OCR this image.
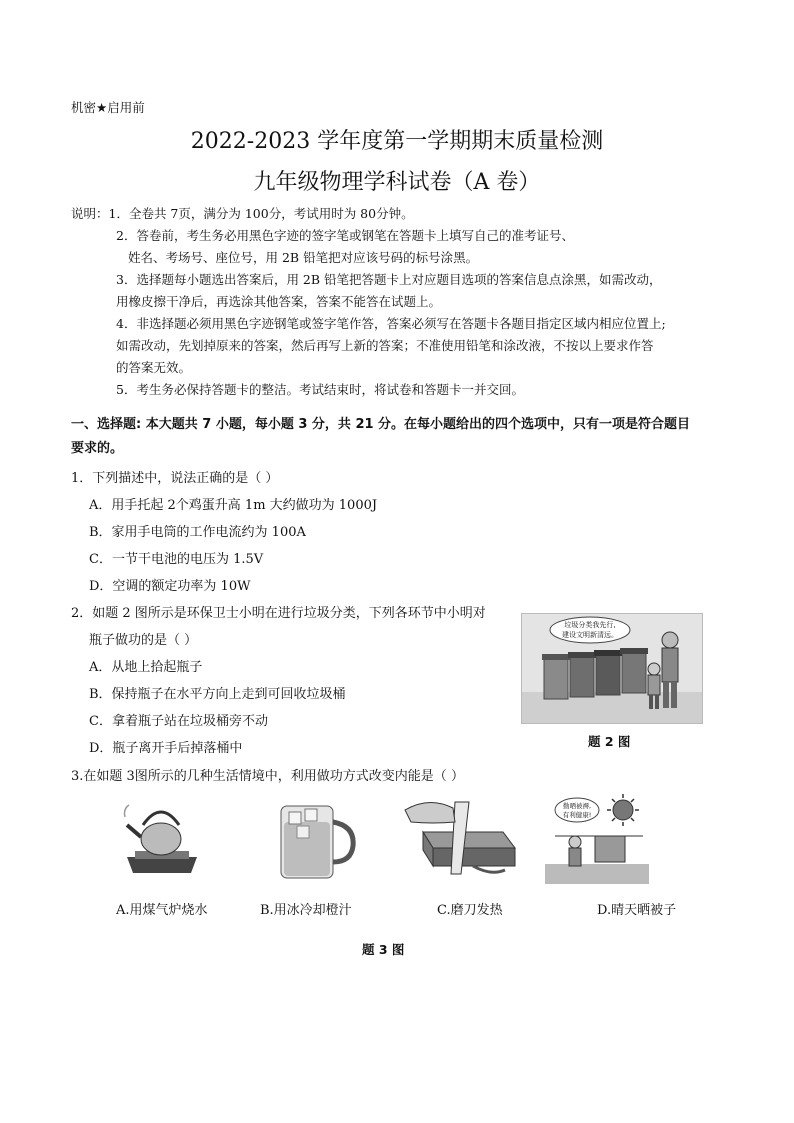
机密★启用前
2022-2023 学年度第一学期期末质量检测
九年级物理学科试卷（A 卷）
说明：1．全卷共 7页，满分为 100分，考试用时为 80分钟。
2．答卷前，考生务必用黑色字迹的签字笔或钢笔在答题卡上填写自己的准考证号、
姓名、考场号、座位号，用 2B 铅笔把对应该号码的标号涂黑。
3．选择题每小题选出答案后，用 2B 铅笔把答题卡上对应题目选项的答案信息点涂黑，如需改动，
用橡皮擦干净后，再选涂其他答案，答案不能答在试题上。
4．非选择题必须用黑色字迹钢笔或签字笔作答，答案必须写在答题卡各题目指定区域内相应位置上;
如需改动，先划掉原来的答案，然后再写上新的答案；不准使用铅笔和涂改液，不按以上要求作答
的答案无效。
5．考生务必保持答题卡的整洁。考试结束时，将试卷和答题卡一并交回。
一、选择题: 本大题共 7 小题，每小题 3 分，共 21 分。在每小题给出的四个选项中，只有一项是符合题目
要求的。
1．下列描述中，说法正确的是（ ）
A．用手托起 2个鸡蛋升高 1m 大约做功为 1000J
B．家用手电筒的工作电流约为 100A
C．一节干电池的电压为 1.5V
D．空调的额定功率为 10W
2．如题 2 图所示是环保卫士小明在进行垃圾分类，下列各环节中小明对
瓶子做功的是（ ）
A．从地上拾起瓶子
B．保持瓶子在水平方向上走到可回收垃圾桶
C．拿着瓶子站在垃圾桶旁不动
D．瓶子离开手后掉落桶中
垃圾分类我先行,
建设文明新清远。
题 2 图
3.在如题 3图所示的几种生活情境中，利用做功方式改变内能是（ ）
A.用煤气炉烧水	B.用冰冷却橙汁	C.磨刀发热
勤晒被褥,
有利健康!
D.晴天晒被子
题 3 图
